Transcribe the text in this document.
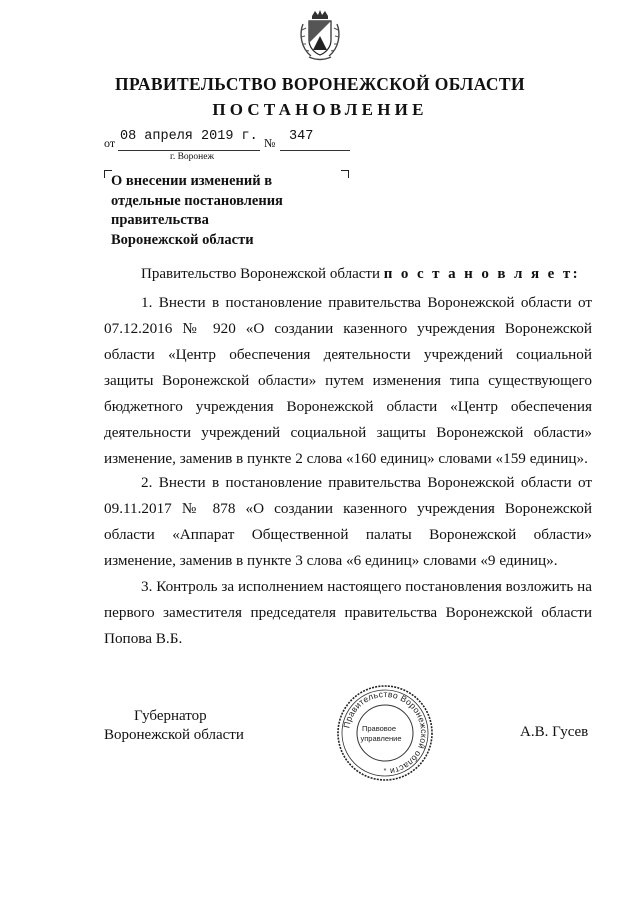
ПРАВИТЕЛЬСТВО ВОРОНЕЖСКОЙ ОБЛАСТИ
ПОСТАНОВЛЕНИЕ
от 08 апреля 2019 г. № 347
г. Воронеж
О внесении изменений в
отдельные постановления
правительства
Воронежской области
Правительство Воронежской области п о с т а н о в л я е т:

1. Внести в постановление правительства Воронежской области от 07.12.2016 № 920 «О создании казенного учреждения Воронежской области «Центр обеспечения деятельности учреждений социальной защиты Воронежской области» путем изменения типа существующего бюджетного учреждения Воронежской области «Центр обеспечения деятельности учреждений социальной защиты Воронежской области» изменение, заменив в пункте 2 слова «160 единиц» словами «159 единиц».

2. Внести в постановление правительства Воронежской области от 09.11.2017 № 878 «О создании казенного учреждения Воронежской области «Аппарат Общественной палаты Воронежской области» изменение, заменив в пункте 3 слова «6 единиц» словами «9 единиц».

3. Контроль за исполнением настоящего постановления возложить на первого заместителя председателя правительства Воронежской области Попова В.Б.

Губернатор
Воронежской области
Правительство Воронежской области
Правовое
управление
*
А.В. Гусев
